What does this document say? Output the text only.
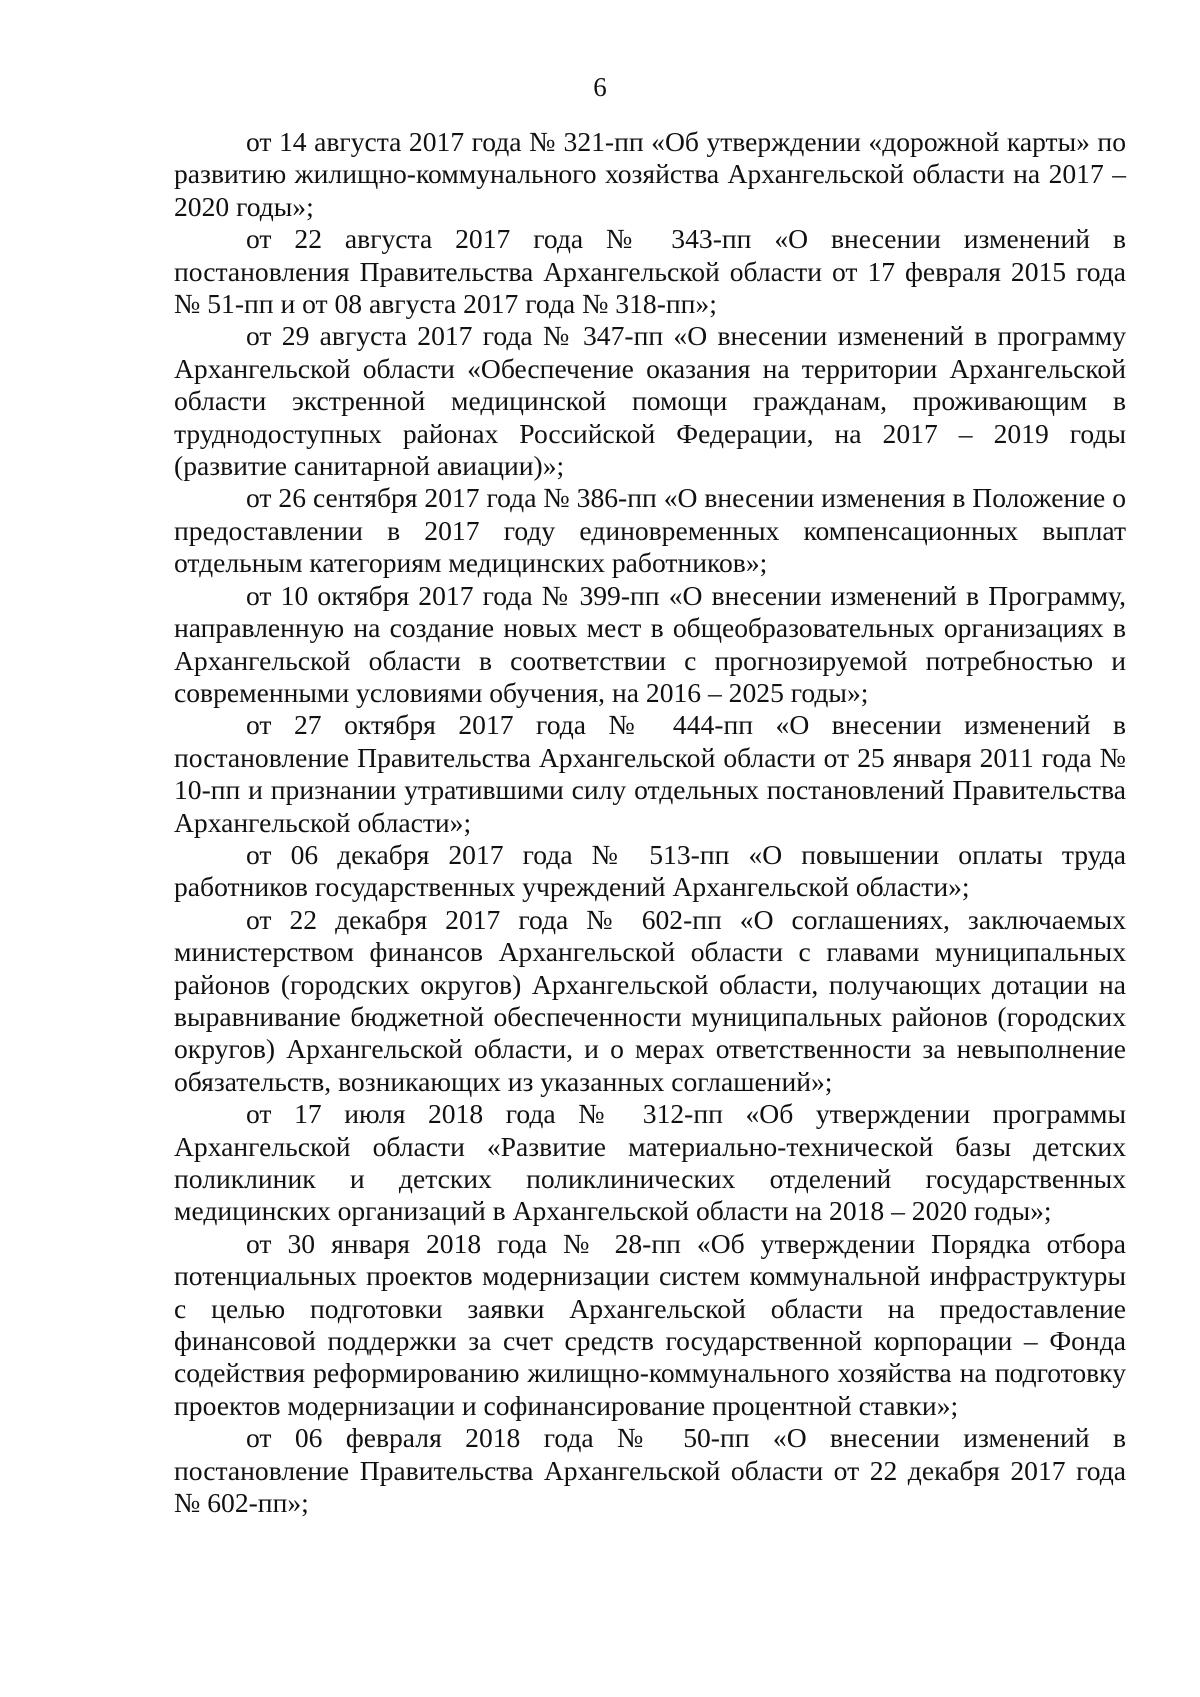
6

от 14 августа 2017 года № 321-пп «Об утверждении «дорожной карты» по развитию жилищно-коммунального хозяйства Архангельской области на 2017 – 2020 годы»;

от 22 августа 2017 года № 343-пп «О внесении изменений в постановления Правительства Архангельской области от 17 февраля 2015 года № 51-пп и от 08 августа 2017 года № 318-пп»;

от 29 августа 2017 года № 347-пп «О внесении изменений в программу Архангельской области «Обеспечение оказания на территории Архангельской области экстренной медицинской помощи гражданам, проживающим в труднодоступных районах Российской Федерации, на 2017 – 2019 годы (развитие санитарной авиации)»;

от 26 сентября 2017 года № 386-пп «О внесении изменения в Положение о предоставлении в 2017 году единовременных компенсационных выплат отдельным категориям медицинских работников»;

от 10 октября 2017 года № 399-пп «О внесении изменений в Программу, направленную на создание новых мест в общеобразовательных организациях в Архангельской области в соответствии с прогнозируемой потребностью и современными условиями обучения, на 2016 – 2025 годы»;

от 27 октября 2017 года № 444-пп «О внесении изменений в постановление Правительства Архангельской области от 25 января 2011 года № 10-пп и признании утратившими силу отдельных постановлений Правительства Архангельской области»;

от 06 декабря 2017 года № 513-пп «О повышении оплаты труда работников государственных учреждений Архангельской области»;

от 22 декабря 2017 года № 602-пп «О соглашениях, заключаемых министерством финансов Архангельской области с главами муниципальных районов (городских округов) Архангельской области, получающих дотации на выравнивание бюджетной обеспеченности муниципальных районов (городских округов) Архангельской области, и о мерах ответственности за невыполнение обязательств, возникающих из указанных соглашений»;

от 17 июля 2018 года № 312-пп «Об утверждении программы Архангельской области «Развитие материально-технической базы детских поликлиник и детских поликлинических отделений государственных медицинских организаций в Архангельской области на 2018 – 2020 годы»;

от 30 января 2018 года № 28-пп «Об утверждении Порядка отбора потенциальных проектов модернизации систем коммунальной инфраструктуры с целью подготовки заявки Архангельской области на предоставление финансовой поддержки за счет средств государственной корпорации – Фонда содействия реформированию жилищно-коммунального хозяйства на подготовку проектов модернизации и софинансирование процентной ставки»;

от 06 февраля 2018 года № 50-пп «О внесении изменений в постановление Правительства Архангельской области от 22 декабря 2017 года № 602-пп»;
